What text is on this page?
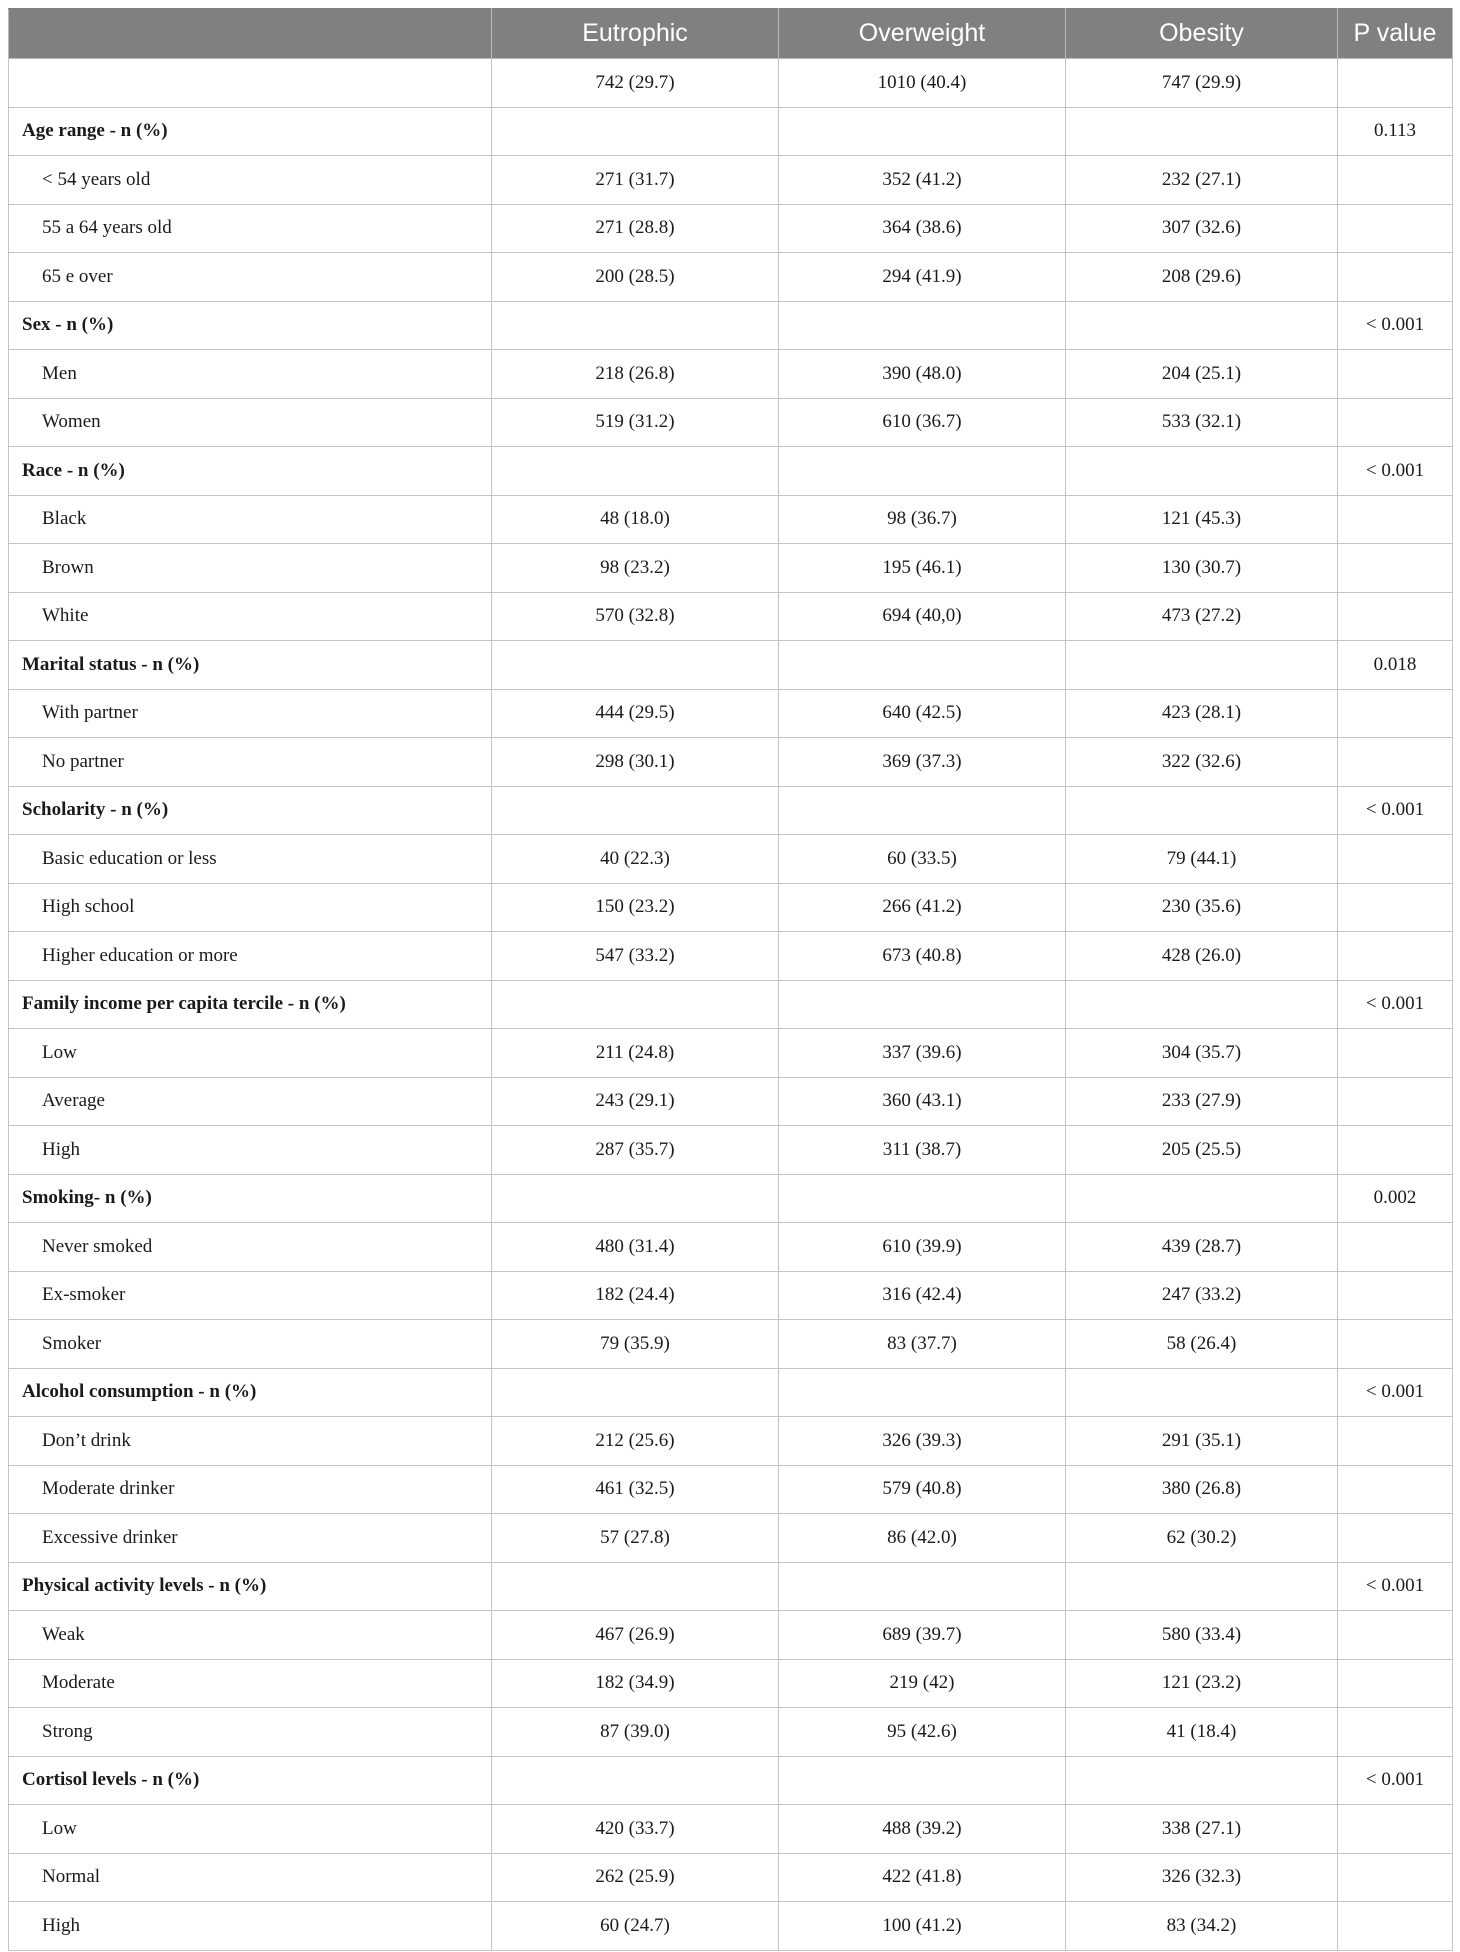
	Eutrophic	Overweight	Obesity	P value
	742 (29.7)	1010 (40.4)	747 (29.9)	
Age range - n (%)				0.113
< 54 years old	271 (31.7)	352 (41.2)	232 (27.1)	
55 a 64 years old	271 (28.8)	364 (38.6)	307 (32.6)	
65 e over	200 (28.5)	294 (41.9)	208 (29.6)	
Sex - n (%)				< 0.001
Men	218 (26.8)	390 (48.0)	204 (25.1)	
Women	519 (31.2)	610 (36.7)	533 (32.1)	
Race - n (%)				< 0.001
Black	48 (18.0)	98 (36.7)	121 (45.3)	
Brown	98 (23.2)	195 (46.1)	130 (30.7)	
White	570 (32.8)	694 (40,0)	473 (27.2)	
Marital status - n (%)				0.018
With partner	444 (29.5)	640 (42.5)	423 (28.1)	
No partner	298 (30.1)	369 (37.3)	322 (32.6)	
Scholarity - n (%)				< 0.001
Basic education or less	40 (22.3)	60 (33.5)	79 (44.1)	
High school	150 (23.2)	266 (41.2)	230 (35.6)	
Higher education or more	547 (33.2)	673 (40.8)	428 (26.0)	
Family income per capita tercile - n (%)				< 0.001
Low	211 (24.8)	337 (39.6)	304 (35.7)	
Average	243 (29.1)	360 (43.1)	233 (27.9)	
High	287 (35.7)	311 (38.7)	205 (25.5)	
Smoking- n (%)				0.002
Never smoked	480 (31.4)	610 (39.9)	439 (28.7)	
Ex-smoker	182 (24.4)	316 (42.4)	247 (33.2)	
Smoker	79 (35.9)	83 (37.7)	58 (26.4)	
Alcohol consumption - n (%)				< 0.001
Don’t drink	212 (25.6)	326 (39.3)	291 (35.1)	
Moderate drinker	461 (32.5)	579 (40.8)	380 (26.8)	
Excessive drinker	57 (27.8)	86 (42.0)	62 (30.2)	
Physical activity levels - n (%)				< 0.001
Weak	467 (26.9)	689 (39.7)	580 (33.4)	
Moderate	182 (34.9)	219 (42)	121 (23.2)	
Strong	87 (39.0)	95 (42.6)	41 (18.4)	
Cortisol levels - n (%)				< 0.001
Low	420 (33.7)	488 (39.2)	338 (27.1)	
Normal	262 (25.9)	422 (41.8)	326 (32.3)	
High	60 (24.7)	100 (41.2)	83 (34.2)	
